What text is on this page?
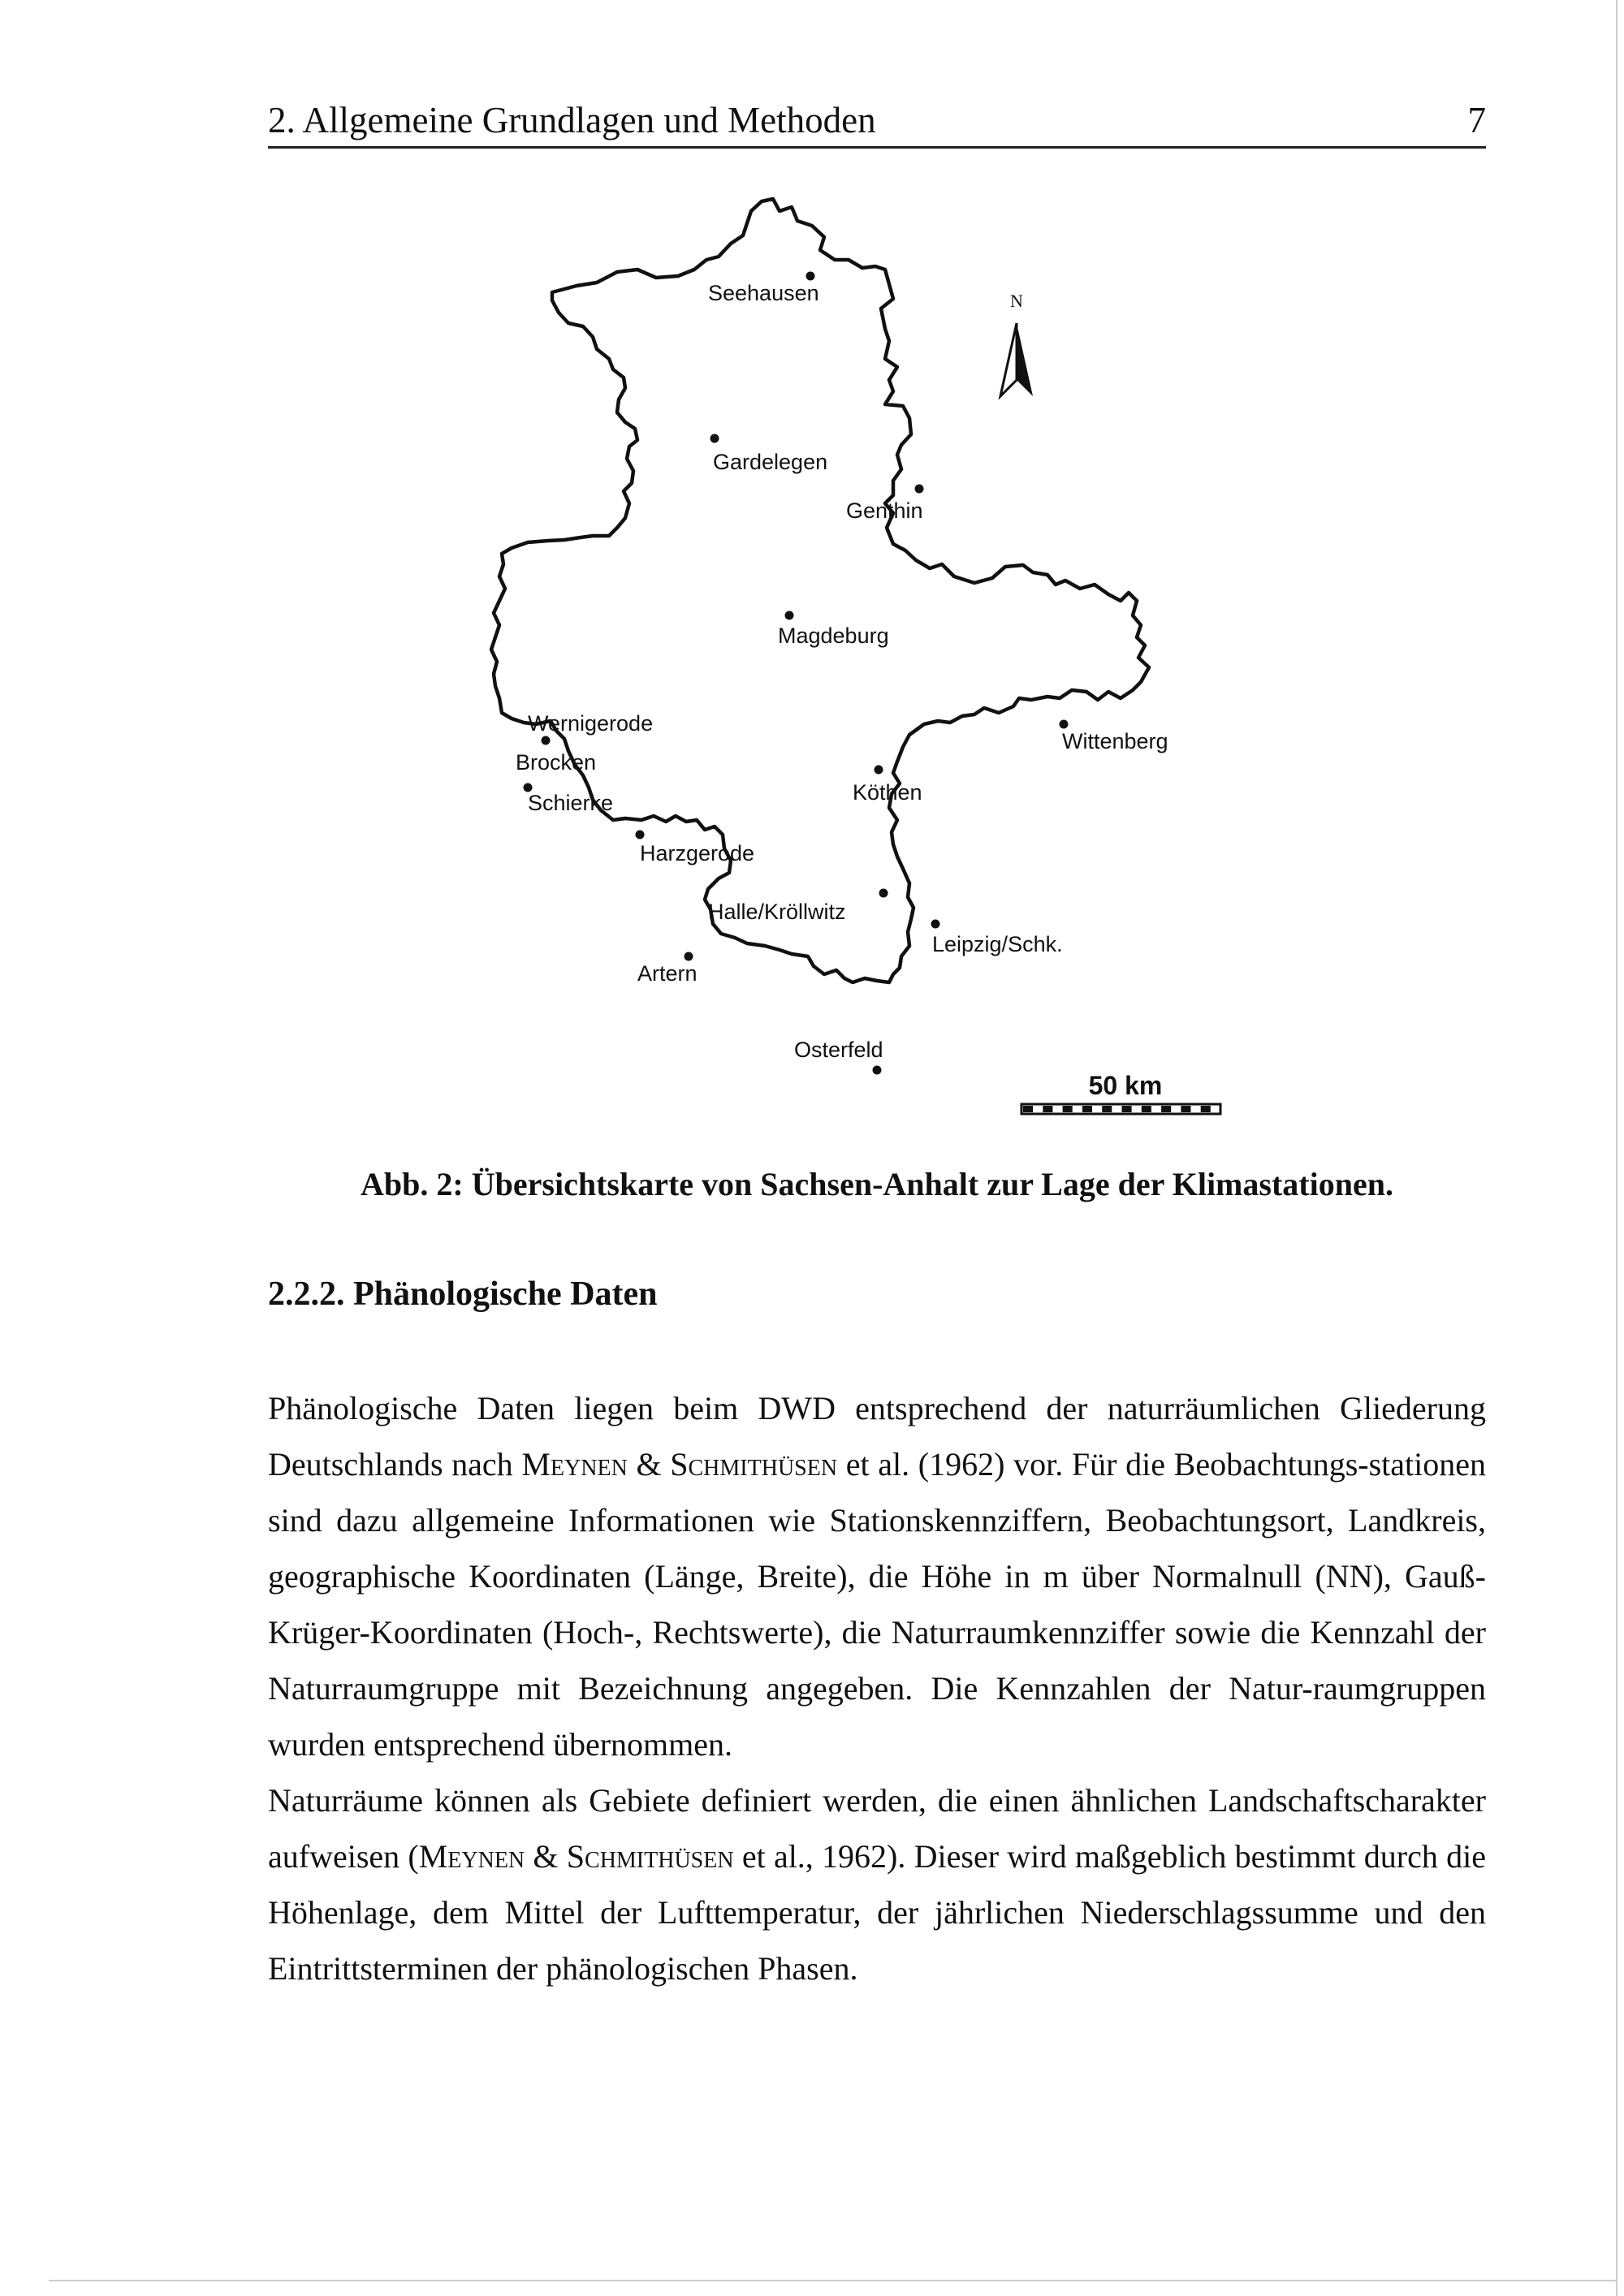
2. Allgemeine Grundlagen und Methoden	7
Seehausen
Gardelegen
Genthin
Magdeburg
Wernigerode
Brocken
Schierke
Harzgerode
Wittenberg
Köthen
Halle/Kröllwitz
Leipzig/Schk.
Artern
Osterfeld
N
50 km
Abb. 2: Übersichtskarte von Sachsen-Anhalt zur Lage der Klimastationen.
2.2.2. Phänologische Daten

Phänologische Daten liegen beim DWD entsprechend der naturräumlichen Gliederung Deutschlands nach Meynen & Schmithüsen et al. (1962) vor. Für die Beobachtungs-stationen sind dazu allgemeine Informationen wie Stationskennziffern, Beobachtungsort, Landkreis, geographische Koordinaten (Länge, Breite), die Höhe in m über Normalnull (NN), Gauß-Krüger-Koordinaten (Hoch-, Rechtswerte), die Naturraumkennziffer sowie die Kennzahl der Naturraumgruppe mit Bezeichnung angegeben. Die Kennzahlen der Natur-raumgruppen wurden entsprechend übernommen.

Naturräume können als Gebiete definiert werden, die einen ähnlichen Landschaftscharakter aufweisen (Meynen & Schmithüsen et al., 1962). Dieser wird maßgeblich bestimmt durch die Höhenlage, dem Mittel der Lufttemperatur, der jährlichen Niederschlagssumme und den Eintrittsterminen der phänologischen Phasen.
